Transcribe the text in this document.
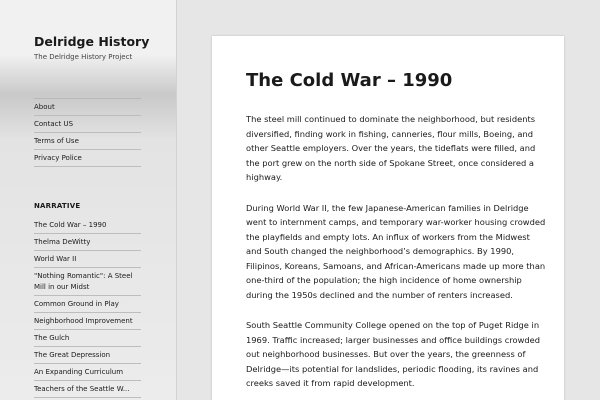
Delridge History

The Delridge History Project

About
Contact US
Terms of Use
Privacy Police
NARRATIVE
The Cold War – 1990
Thelma DeWitty
World War II
"Nothing Romantic": A Steel Mill in our Midst
Common Ground in Play
Neighborhood Improvement
The Gulch
The Great Depression
An Expanding Curriculum
Teachers of the Seattle W...
The Cold War – 1990

The steel mill continued to dominate the neighborhood, but residents diversified, finding work in fishing, canneries, flour mills, Boeing, and other Seattle employers. Over the years, the tideflats were filled, and the port grew on the north side of Spokane Street, once considered a highway.

During World War II, the few Japanese-American families in Delridge went to internment camps, and temporary war-worker housing crowded the playfields and empty lots. An influx of workers from the Midwest and South changed the neighborhood’s demographics. By 1990, Filipinos, Koreans, Samoans, and African-Americans made up more than one-third of the population; the high incidence of home ownership during the 1950s declined and the number of renters increased.

South Seattle Community College opened on the top of Puget Ridge in 1969. Traffic increased; larger businesses and office buildings crowded out neighborhood businesses. But over the years, the greenness of Delridge—its potential for landslides, periodic flooding, its ravines and creeks saved it from rapid development.
